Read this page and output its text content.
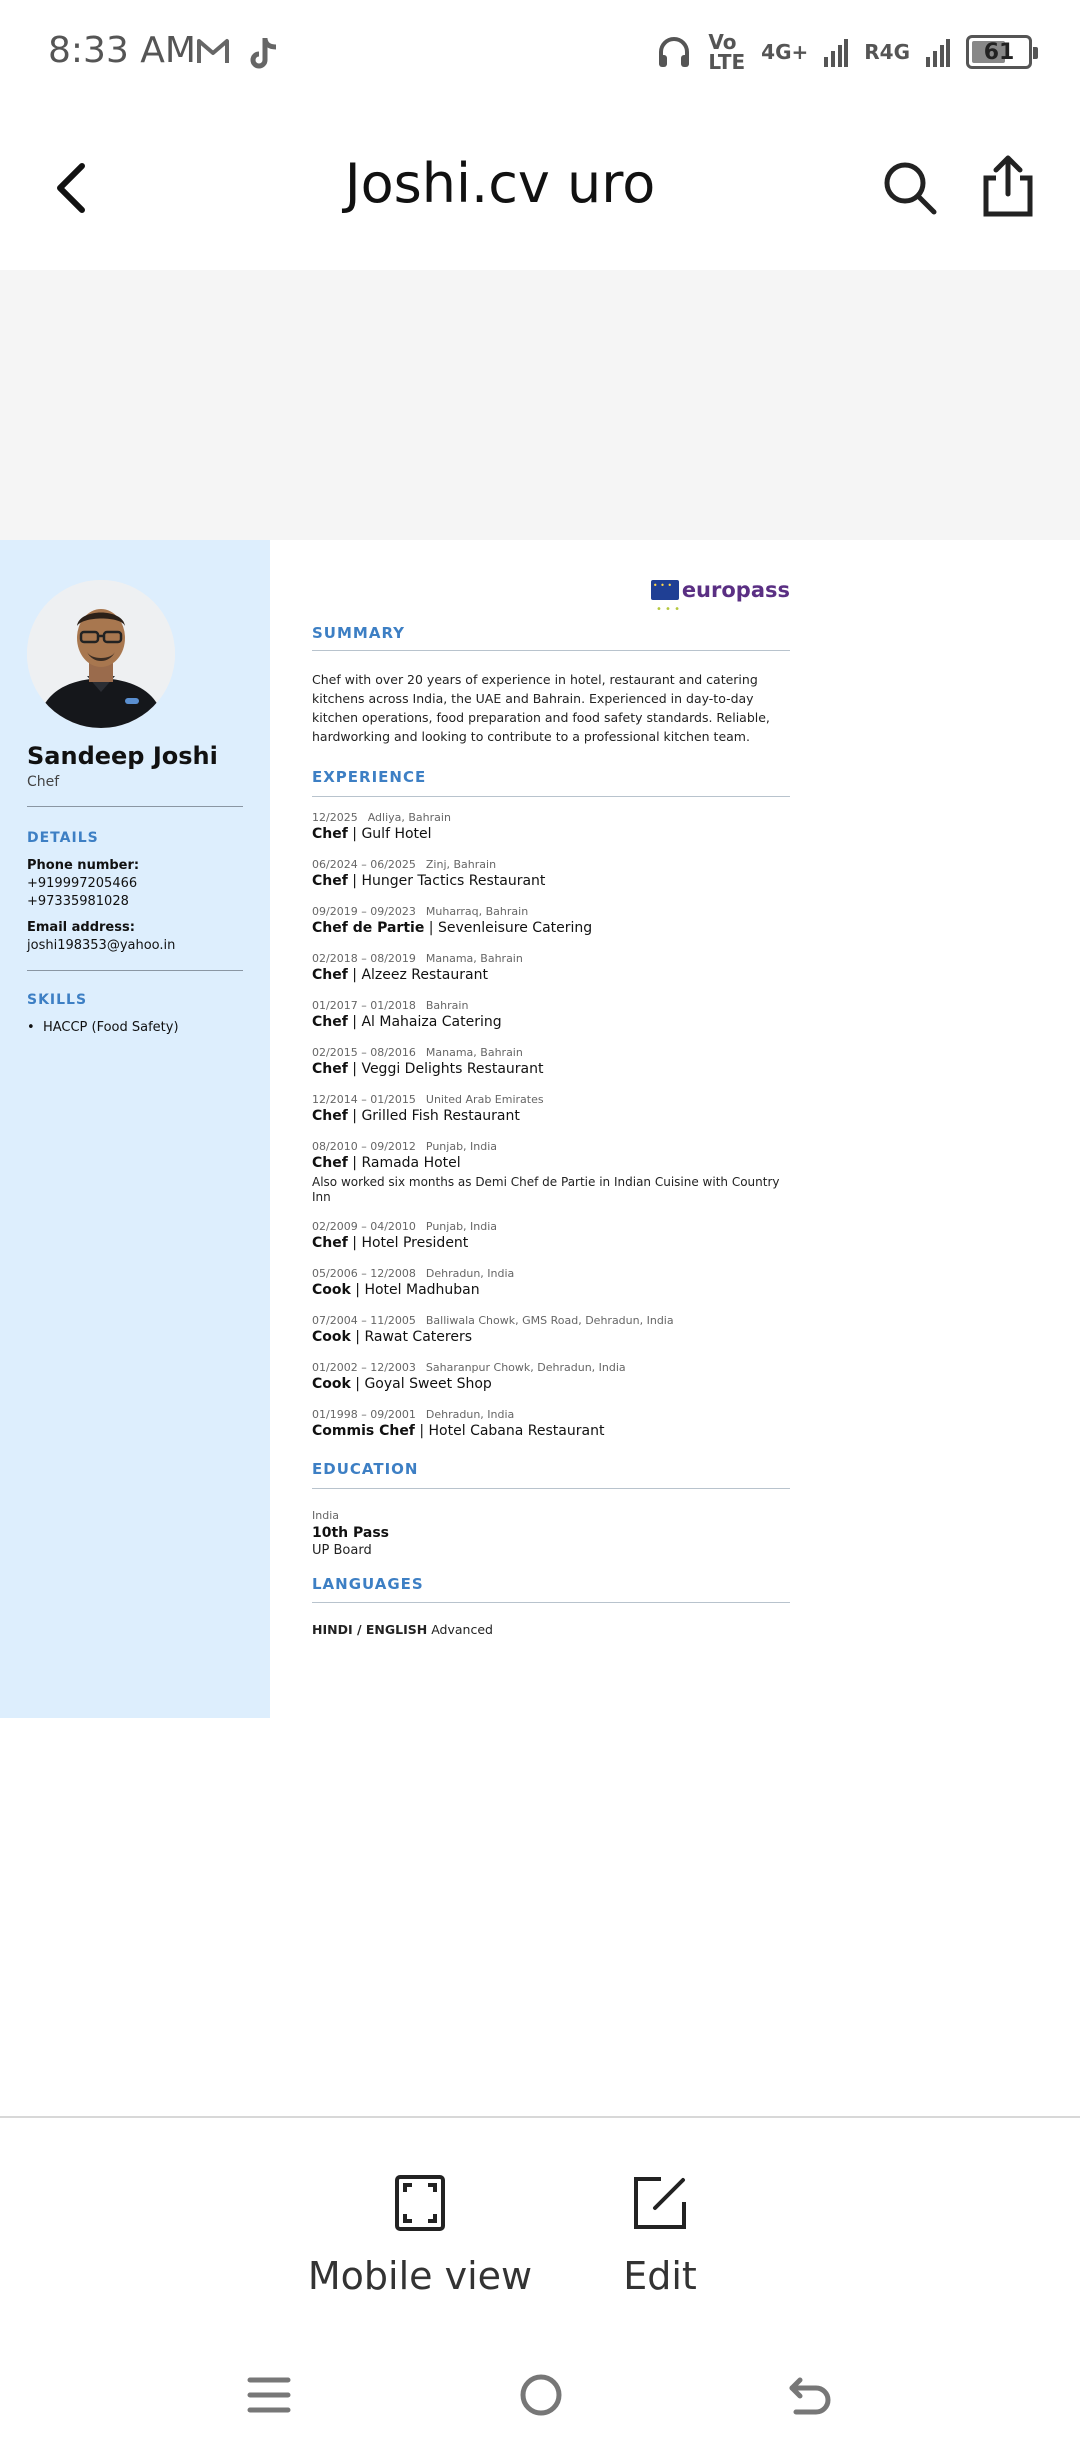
8:33 AM	Vo
LTE 4G+	R4G	61
Joshi.cv uro
Sandeep Joshi
Chef
DETAILS
Phone number:
+919997205466
+97335981028
Email address:
joshi198353@yahoo.in
SKILLS
•  HACCP (Food Safety)
• • •
europass
• • •
SUMMARY
Chef with over 20 years of experience in hotel, restaurant and catering kitchens across India, the UAE and Bahrain. Experienced in day-to-day kitchen operations, food preparation and food safety standards. Reliable, hardworking and looking to contribute to a professional kitchen team.
EXPERIENCE
12/2025 Adliya, Bahrain
Chef | Gulf Hotel
06/2024 – 06/2025 Zinj, Bahrain
Chef | Hunger Tactics Restaurant
09/2019 – 09/2023 Muharraq, Bahrain
Chef de Partie | Sevenleisure Catering
02/2018 – 08/2019 Manama, Bahrain
Chef | Alzeez Restaurant
01/2017 – 01/2018 Bahrain
Chef | Al Mahaiza Catering
02/2015 – 08/2016 Manama, Bahrain
Chef | Veggi Delights Restaurant
12/2014 – 01/2015 United Arab Emirates
Chef | Grilled Fish Restaurant
08/2010 – 09/2012 Punjab, India
Chef | Ramada Hotel
Also worked six months as Demi Chef de Partie in Indian Cuisine with Country Inn
02/2009 – 04/2010 Punjab, India
Chef | Hotel President
05/2006 – 12/2008 Dehradun, India
Cook | Hotel Madhuban
07/2004 – 11/2005 Balliwala Chowk, GMS Road, Dehradun, India
Cook | Rawat Caterers
01/2002 – 12/2003 Saharanpur Chowk, Dehradun, India
Cook | Goyal Sweet Shop
01/1998 – 09/2001 Dehradun, India
Commis Chef | Hotel Cabana Restaurant
EDUCATION
India
10th Pass
UP Board
LANGUAGES
HINDI / ENGLISH Advanced
Mobile view	Edit
